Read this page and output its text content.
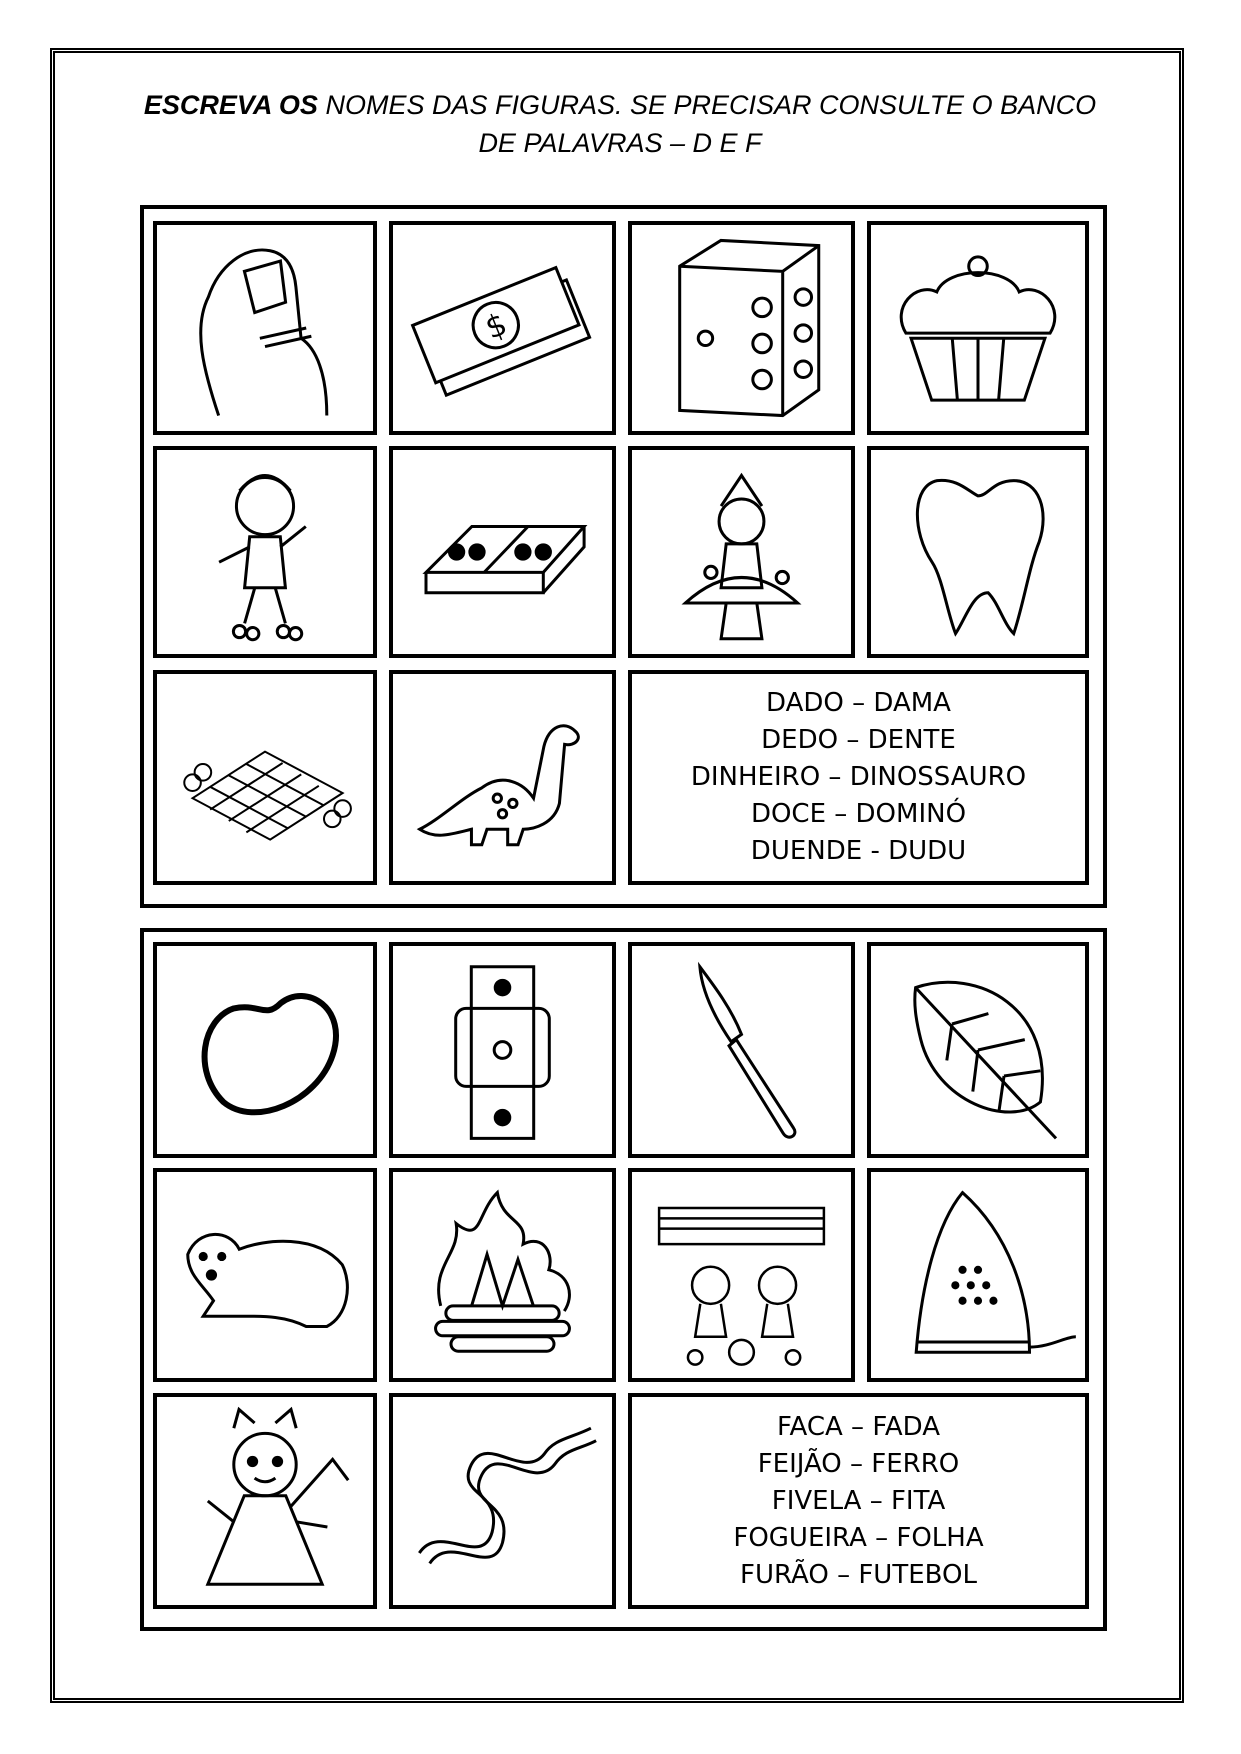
ESCREVA OS NOMES DAS FIGURAS. SE PRECISAR CONSULTE O BANCO
DE PALAVRAS – D E F
$
DADO – DAMA
DEDO – DENTE
DINHEIRO – DINOSSAURO
DOCE – DOMINÓ
DUENDE - DUDU
FACA – FADA
FEIJÃO – FERRO
FIVELA – FITA
FOGUEIRA – FOLHA
FURÃO – FUTEBOL
